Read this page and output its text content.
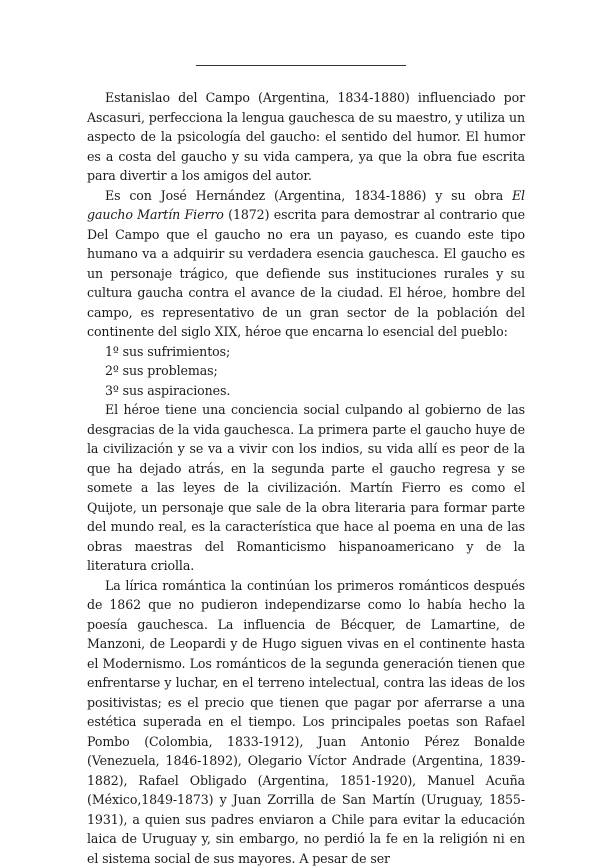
Estanislao del Campo (Argentina, 1834-1880) influenciado por Ascasuri, perfecciona la lengua gauchesca de su maestro, y utiliza un aspecto de la psicología del gaucho: el sentido del humor. El humor es a costa del gaucho y su vida campera, ya que la obra fue escrita para divertir a los amigos del autor.

Es con José Hernández (Argentina, 1834-1886) y su obra El gaucho Martín Fierro (1872) escrita para demostrar al contrario que Del Campo que el gaucho no era un payaso, es cuando este tipo humano va a adquirir su verdadera esencia gauchesca. El gaucho es un personaje trágico, que defiende sus instituciones rurales y su cultura gaucha contra el avance de la ciudad. El héroe, hombre del campo, es representativo de un gran sector de la población del continente del siglo XIX, héroe que encarna lo esencial del pueblo:

1º sus sufrimientos;

2º sus problemas;

3º sus aspiraciones.

El héroe tiene una conciencia social culpando al gobierno de las desgracias de la vida gauchesca. La primera parte el gaucho huye de la civilización y se va a vivir con los indios, su vida allí es peor de la que ha dejado atrás, en la segunda parte el gaucho regresa y se somete a las leyes de la civilización. Martín Fierro es como el Quijote, un personaje que sale de la obra literaria para formar parte del mundo real, es la característica que hace al poema en una de las obras maestras del Romanticismo hispanoamericano y de la literatura criolla.

La lírica romántica la continúan los primeros románticos después de 1862 que no pudieron independizarse como lo había hecho la poesía gauchesca. La influencia de Bécquer, de Lamartine, de Manzoni, de Leopardi y de Hugo siguen vivas en el continente hasta el Modernismo. Los románticos de la segunda generación tienen que enfrentarse y luchar, en el terreno intelectual, contra las ideas de los positivistas; es el precio que tienen que pagar por aferrarse a una estética superada en el tiempo. Los principales poetas son Rafael Pombo (Colombia, 1833-1912), Juan Antonio Pérez Bonalde (Venezuela, 1846-1892), Olegario Víctor Andrade (Argentina, 1839-1882), Rafael Obligado (Argentina, 1851-1920), Manuel Acuña (México,1849-1873) y Juan Zorrilla de San Martín (Uruguay, 1855-1931), a quien sus padres enviaron a Chile para evitar la educación laica de Uruguay y, sin embargo, no perdió la fe en la religión ni en el sistema social de sus mayores. A pesar de ser
